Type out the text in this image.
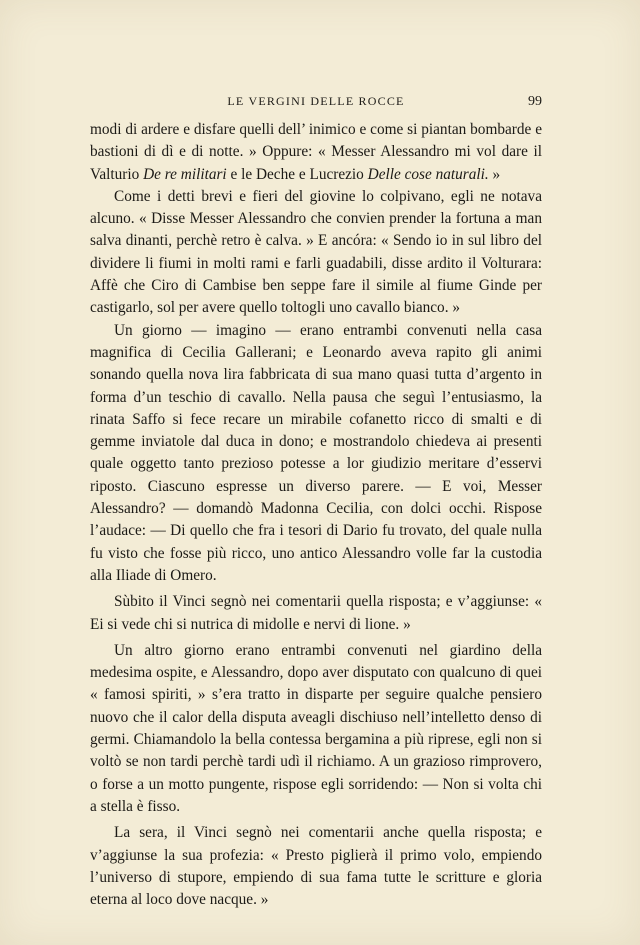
LE VERGINI DELLE ROCCE	99

modi di ardere e disfare quelli dell’ inimico e come si piantan bombarde e bastioni di dì e di notte. » Oppure: « Messer Alessandro mi vol dare il Valturio De re militari e le Deche e Lucrezio Delle cose naturali. »

Come i detti brevi e fieri del giovine lo colpivano, egli ne notava alcuno. « Disse Messer Alessandro che convien prender la fortuna a man salva dinanti, perchè retro è calva. » E ancóra: « Sendo io in sul libro del dividere li fiumi in molti rami e farli guadabili, disse ardito il Volturara: Affè che Ciro di Cambise ben seppe fare il simile al fiume Ginde per castigarlo, sol per avere quello toltogli uno cavallo bianco. »

Un giorno — imagino — erano entrambi convenuti nella casa magnifica di Cecilia Gallerani; e Leonardo aveva rapito gli animi sonando quella nova lira fabbricata di sua mano quasi tutta d’argento in forma d’un teschio di cavallo. Nella pausa che seguì l’entusiasmo, la rinata Saffo si fece recare un mirabile cofanetto ricco di smalti e di gemme inviatole dal duca in dono; e mostrandolo chiedeva ai presenti quale oggetto tanto prezioso potesse a lor giudizio meritare d’esservi riposto. Ciascuno espresse un diverso parere. — E voi, Messer Alessandro? — domandò Madonna Cecilia, con dolci occhi. Rispose l’audace: — Di quello che fra i tesori di Dario fu trovato, del quale nulla fu visto che fosse più ricco, uno antico Alessandro volle far la custodia alla Iliade di Omero.

Sùbito il Vinci segnò nei comentarii quella risposta; e v’aggiunse: « Ei si vede chi si nutrica di midolle e nervi di lione. »

Un altro giorno erano entrambi convenuti nel giardino della medesima ospite, e Alessandro, dopo aver disputato con qualcuno di quei « famosi spiriti, » s’era tratto in disparte per seguire qualche pensiero nuovo che il calor della disputa aveagli dischiuso nell’intelletto denso di germi. Chiamandolo la bella contessa bergamina a più riprese, egli non si voltò se non tardi perchè tardi udì il richiamo. A un grazioso rimprovero, o forse a un motto pungente, rispose egli sorridendo: — Non si volta chi a stella è fisso.

La sera, il Vinci segnò nei comentarii anche quella risposta; e v’aggiunse la sua profezia: « Presto piglierà il primo volo, empiendo l’universo di stupore, empiendo di sua fama tutte le scritture e gloria eterna al loco dove nacque. »
